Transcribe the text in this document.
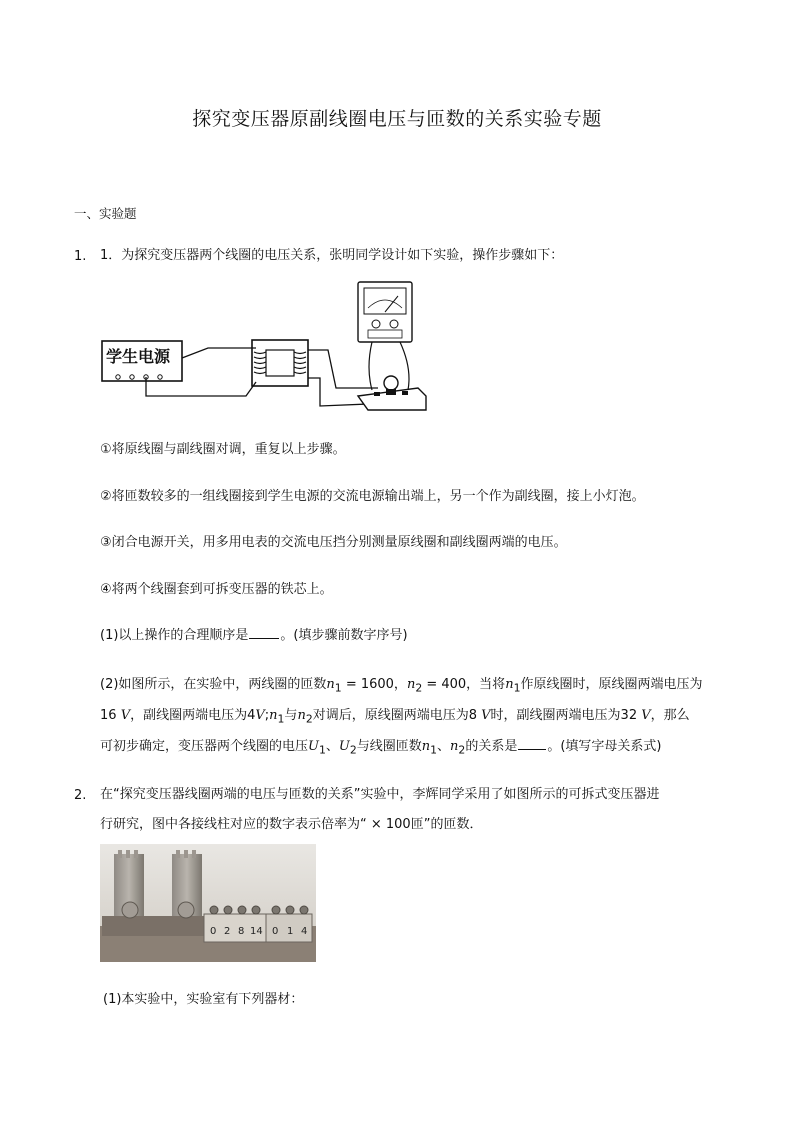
探究变压器原副线圈电压与匝数的关系实验专题
一、实验题
1. 1．为探究变压器两个线圈的电压关系，张明同学设计如下实验，操作步骤如下：
学生电源
①将原线圈与副线圈对调，重复以上步骤。
②将匝数较多的一组线圈接到学生电源的交流电源输出端上，另一个作为副线圈，接上小灯泡。
③闭合电源开关，用多用电表的交流电压挡分别测量原线圈和副线圈两端的电压。
④将两个线圈套到可拆变压器的铁芯上。
(1)以上操作的合理顺序是 。(填步骤前数字序号)
(2)如图所示，在实验中，两线圈的匝数$n_1 = 1600$，$n_2 = 400$，当将$n_1$作原线圈时，原线圈两端电压为
16 V，副线圈两端电压为$4V;n_1$与$n_2$对调后，原线圈两端电压为8 V时，副线圈两端电压为32 V，那么
可初步确定，变压器两个线圈的电压$U_1$、$U_2$与线圈匝数$n_1$、$n_2$的关系是 。(填写字母关系式)
2. 在“探究变压器线圈两端的电压与匝数的关系”实验中，李辉同学采用了如图所示的可拆式变压器进
行研究，图中各接线柱对应的数字表示倍率为“ × 100匝”的匝数．
0 2 8 14 0 1 4
(1)本实验中，实验室有下列器材：
